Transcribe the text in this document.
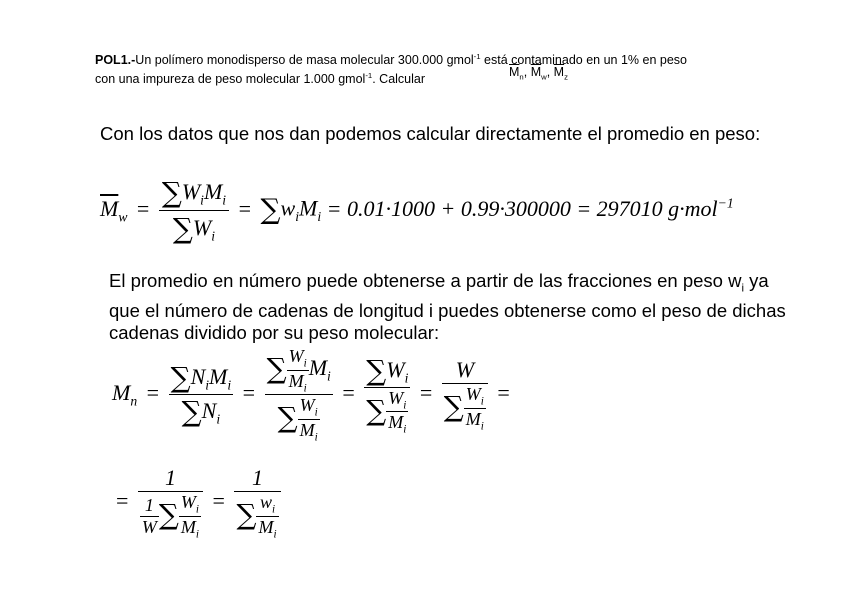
POL1.-Un polímero monodisperso de masa molecular 300.000 gmol$^{-1}$ está contaminado en un 1% en peso
con una impureza de peso molecular 1.000 gmol$^{-1}$. Calcular
$\overline{M}_n$, $\overline{M}_w$, $\overline{M}_z$
Con los datos que nos dan podemos calcular directamente el promedio en peso:
$\overline{M}_w = \frac{\sum W_iM_i}{\sum W_i} = \sum w_iM_i = 0.01\cdot 1000 + 0.99\cdot 300000 = 297010$ g·mol$^{-1}$
El promedio en número puede obtenerse a partir de las fracciones en peso $w_i$ ya
que el número de cadenas de longitud i puedes obtenerse como el peso de dichas
cadenas dividido por su peso molecular:
$M_n = \frac{\sum N_iM_i}{\sum N_i} = \frac{\sum \frac{W_i}{M_i} M_i}{\sum \frac{W_i}{M_i}} = \frac{\sum W_i}{\sum \frac{W_i}{M_i}} = \frac{W}{\sum \frac{W_i}{M_i}}$ =
= $\frac{1}{\frac{1}{W} \sum \frac{W_i}{M_i}} = \frac{1}{\sum \frac{w_i}{M_i}}$
